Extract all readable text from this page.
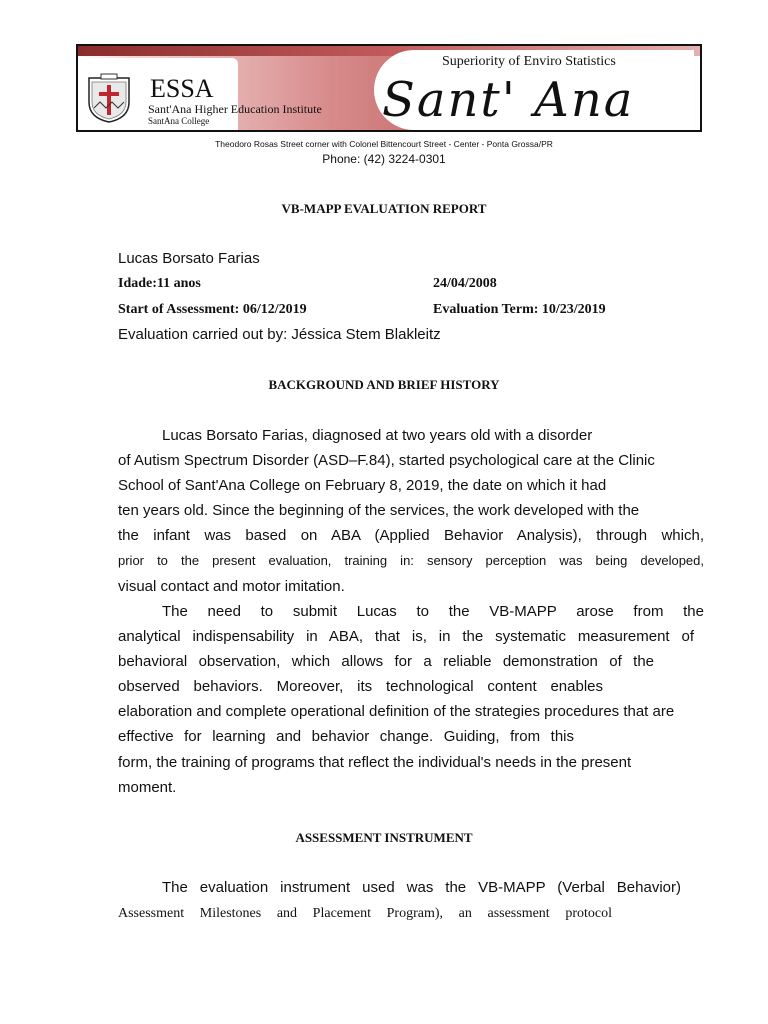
ESSA
Sant'Ana Higher Education Institute
SantAna College
Superiority of Enviro Statistics
Sant' Ana
Theodoro Rosas Street corner with Colonel Bittencourt Street - Center - Ponta Grossa/PR
Phone: (42) 3224-0301
VB-MAPP EVALUATION REPORT
Lucas Borsato Farias
Idade:11 anos	24/04/2008
Start of Assessment: 06/12/2019	Evaluation Term: 10/23/2019
Evaluation carried out by: Jéssica Stem Blakleitz
BACKGROUND AND BRIEF HISTORY
Lucas Borsato Farias, diagnosed at two years old with a disorder
of Autism Spectrum Disorder (ASD–F.84), started psychological care at the Clinic
School of Sant'Ana College on February 8, 2019, the date on which it had
ten years old. Since the beginning of the services, the work developed with the
the infant was based on ABA (Applied Behavior Analysis), through which,
prior to the present evaluation, training in: sensory perception was being developed,
visual contact and motor imitation.
The need to submit Lucas to the VB-MAPP arose from the
analytical indispensability in ABA, that is, in the systematic measurement of
behavioral observation, which allows for a reliable demonstration of the
observed behaviors. Moreover, its technological content enables
elaboration and complete operational definition of the strategies procedures that are
effective for learning and behavior change. Guiding, from this
form, the training of programs that reflect the individual's needs in the present
moment.
ASSESSMENT INSTRUMENT
The evaluation instrument used was the VB-MAPP (Verbal Behavior)
Assessment Milestones and Placement Program), an assessment protocol
